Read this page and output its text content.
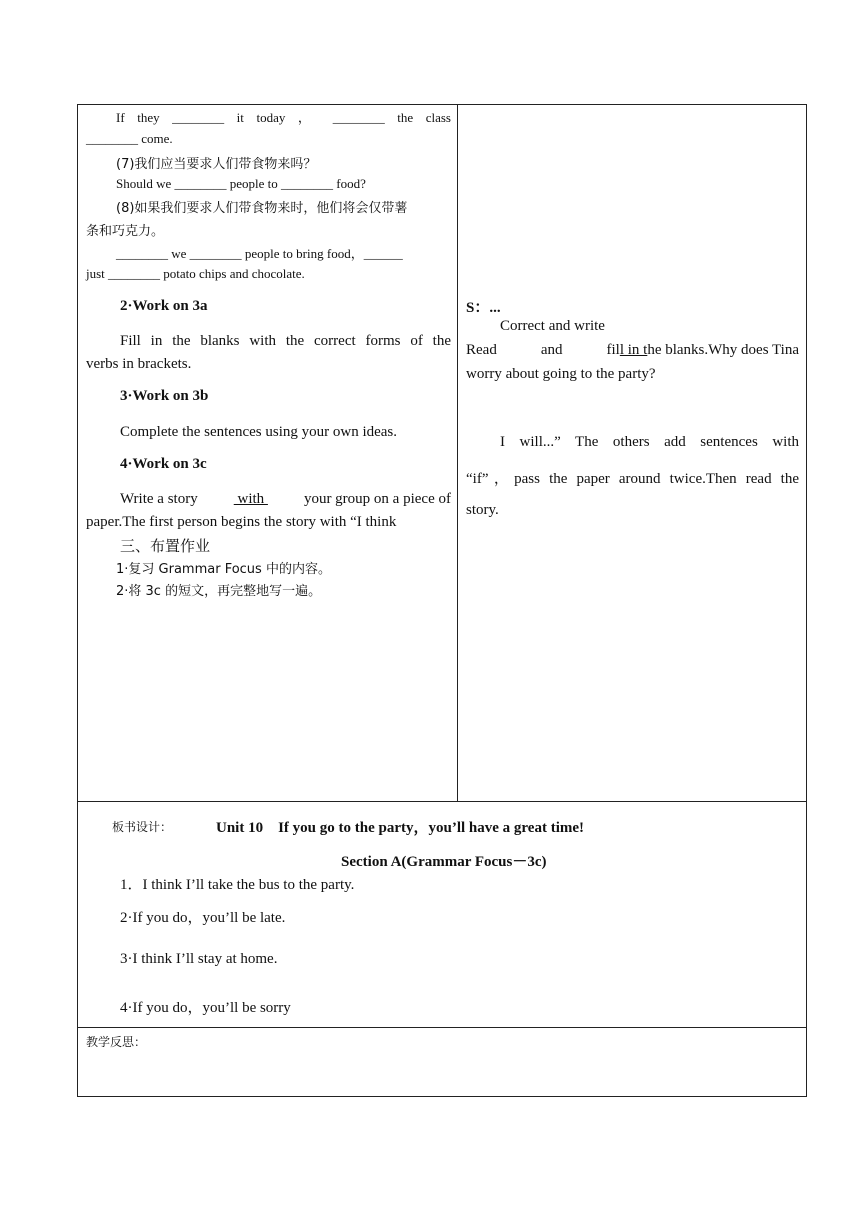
If they ________ it today ， ________ the class
________ come.
(7)我们应当要求人们带食物来吗？
Should we ________ people to ________ food?
(8)如果我们要求人们带食物来时，他们将会仅带薯
条和巧克力。
________ we ________ people to bring food，______
just ________ potato chips and chocolate.
2·Work on 3a
Fill in the blanks with the correct forms of the
verbs in brackets.
3·Work on 3b
Complete the sentences using your own ideas.
4·Work on 3c
Write a story with your group on a piece of
paper.The first person begins the story with “I think
三、布置作业
1·复习 Grammar Focus 中的内容。
2·将 3c 的短文，再完整地写一遍。
S：...
Correct and write
Read	and	fil l in t he blanks.Why does Tina
worry about going to the party?
I will...” The others add sentences with
“if”，pass the paper around twice.Then read the
story.
板书设计：	Unit 10　If you go to the party，you’ll have a great time!
Section A(Grammar Focus－3c)
1．I think I’ll take the bus to the party.
2·If you do，you’ll be late.
3·I think I’ll stay at home.
4·If you do，you’ll be sorry
教学反思：
